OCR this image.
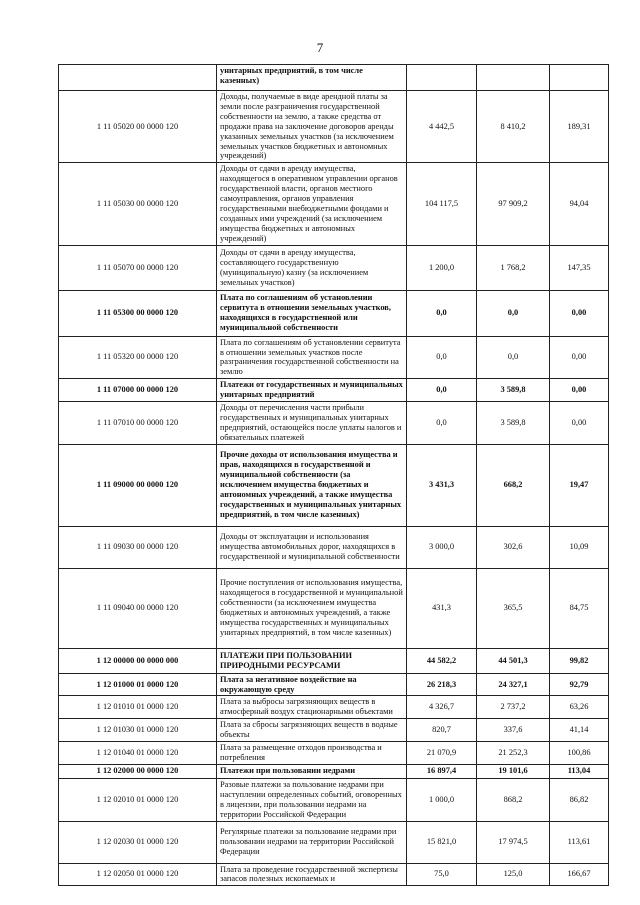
7
	унитарных предприятий, в том числе казенных)			
1 11 05020 00 0000 120	Доходы, получаемые в виде арендной платы за земли после разграничения государственной собственности на землю, а также средства от продажи права на заключение договоров аренды указанных земельных участков (за исключением земельных участков бюджетных и автономных учреждений)	4 442,5	8 410,2	189,31
1 11 05030 00 0000 120	Доходы от сдачи в аренду имущества, находящегося в оперативном управлении органов государственной власти, органов местного самоуправления, органов управления государственными внебюджетными фондами и созданных ими учреждений (за исключением имущества бюджетных и автономных учреждений)	104 117,5	97 909,2	94,04
1 11 05070 00 0000 120	Доходы от сдачи в аренду имущества, составляющего государственную (муниципальную) казну (за исключением земельных участков)	1 200,0	1 768,2	147,35
1 11 05300 00 0000 120	Плата по соглашениям об установлении сервитута в отношении земельных участков, находящихся в государственной или муниципальной собственности	0,0	0,0	0,00
1 11 05320 00 0000 120	Плата по соглашениям об установлении сервитута в отношении земельных участков после разграничения государственной собственности на землю	0,0	0,0	0,00
1 11 07000 00 0000 120	Платежи от государственных и муниципальных унитарных предприятий	0,0	3 589,8	0,00
1 11 07010 00 0000 120	Доходы от перечисления части прибыли государственных и муниципальных унитарных предприятий, остающейся после уплаты налогов и обязательных платежей	0,0	3 589,8	0,00
1 11 09000 00 0000 120	Прочие доходы от использования имущества и прав, находящихся в государственной и муниципальной собственности (за исключением имущества бюджетных и автономных учреждений, а также имущества государственных и муниципальных унитарных предприятий, в том числе казенных)	3 431,3	668,2	19,47
1 11 09030 00 0000 120	Доходы от эксплуатации и использования имущества автомобильных дорог, находящихся в государственной и муниципальной собственности	3 000,0	302,6	10,09
1 11 09040 00 0000 120	Прочие поступления от использования имущества, находящегося в государственной и муниципальной собственности (за исключением имущества бюджетных и автономных учреждений, а также имущества государственных и муниципальных унитарных предприятий, в том числе казенных)	431,3	365,5	84,75
1 12 00000 00 0000 000	ПЛАТЕЖИ ПРИ ПОЛЬЗОВАНИИ ПРИРОДНЫМИ РЕСУРСАМИ	44 582,2	44 501,3	99,82
1 12 01000 01 0000 120	Плата за негативное воздействие на окружающую среду	26 218,3	24 327,1	92,79
1 12 01010 01 0000 120	Плата за выбросы загрязняющих веществ в атмосферный воздух стационарными объектами	4 326,7	2 737,2	63,26
1 12 01030 01 0000 120	Плата за сбросы загрязняющих веществ в водные объекты	820,7	337,6	41,14
1 12 01040 01 0000 120	Плата за размещение отходов производства и потребления	21 070,9	21 252,3	100,86
1 12 02000 00 0000 120	Платежи при пользовании недрами	16 897,4	19 101,6	113,04
1 12 02010 01 0000 120	Разовые платежи за пользование недрами при наступлении определенных событий, оговоренных в лицензии, при пользовании недрами на территории Российской Федерации	1 000,0	868,2	86,82
1 12 02030 01 0000 120	Регулярные платежи за пользование недрами при пользовании недрами на территории Российской Федерации	15 821,0	17 974,5	113,61
1 12 02050 01 0000 120	Плата за проведение государственной экспертизы запасов полезных ископаемых и	75,0	125,0	166,67
